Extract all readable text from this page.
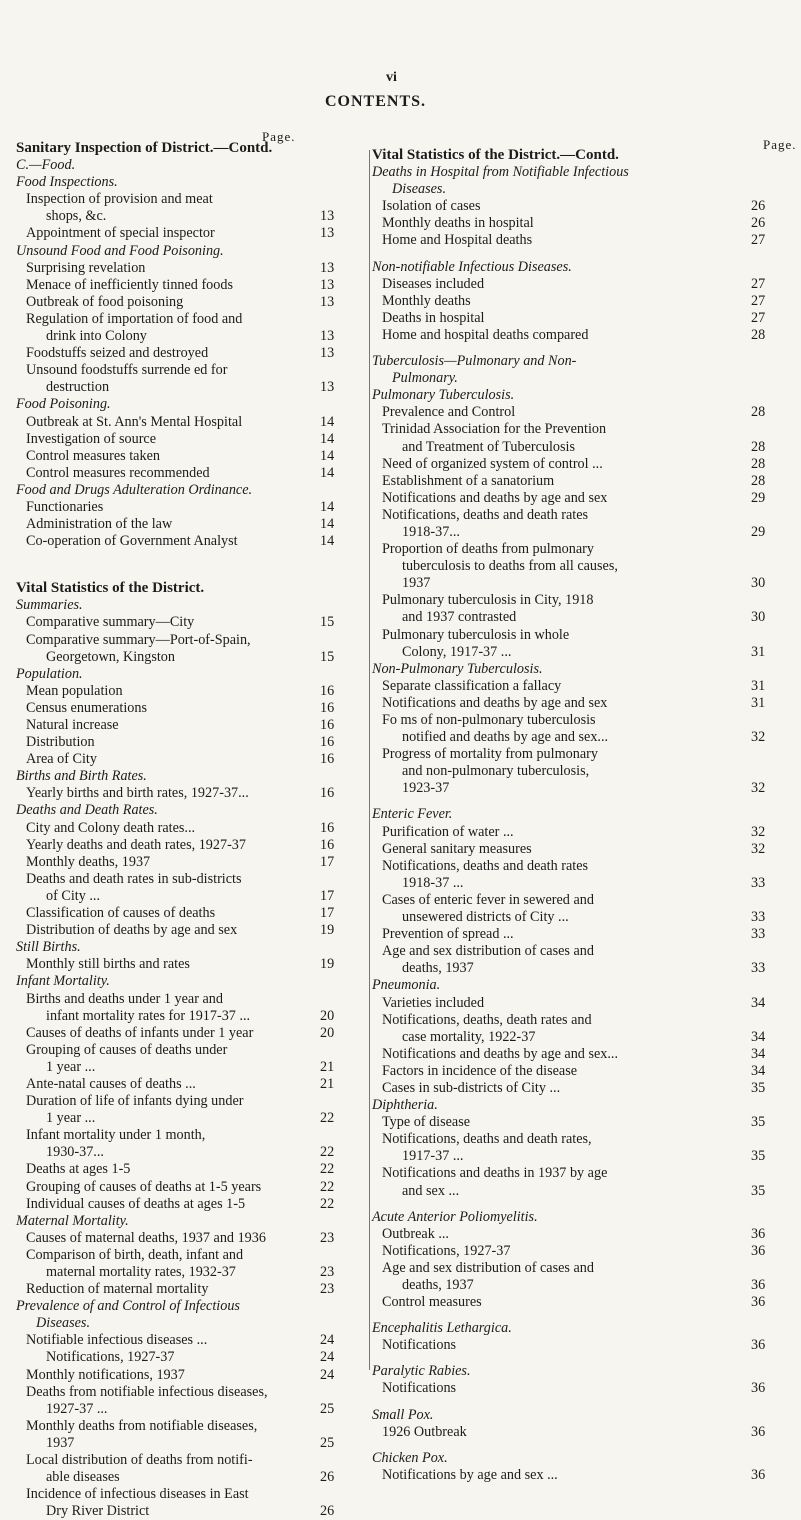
vi
CONTENTS.
Page.
Page.
Sanitary Inspection of District.—Contd.
C.—Food.
Food Inspections.
Inspection of provision and meat
shops, &c.	13
Appointment of special inspector	13
Unsound Food and Food Poisoning.
Surprising revelation	13
Menace of inefficiently tinned foods	13
Outbreak of food poisoning	13
Regulation of importation of food and
drink into Colony	13
Foodstuffs seized and destroyed	13
Unsound foodstuffs surrende ed for
destruction	13
Food Poisoning.
Outbreak at St. Ann's Mental Hospital	14
Investigation of source	14
Control measures taken	14
Control measures recommended	14
Food and Drugs Adulteration Ordinance.
Functionaries	14
Administration of the law	14
Co-operation of Government Analyst	14
Vital Statistics of the District.
Summaries.
Comparative summary—City	15
Comparative summary—Port-of-Spain,
Georgetown, Kingston	15
Population.
Mean population	16
Census enumerations	16
Natural increase	16
Distribution	16
Area of City	16
Births and Birth Rates.
Yearly births and birth rates, 1927-37...	16
Deaths and Death Rates.
City and Colony death rates...	16
Yearly deaths and death rates, 1927-37	16
Monthly deaths, 1937	17
Deaths and death rates in sub-districts
of City ...	17
Classification of causes of deaths	17
Distribution of deaths by age and sex	19
Still Births.
Monthly still births and rates	19
Infant Mortality.
Births and deaths under 1 year and
infant mortality rates for 1917-37 ...	20
Causes of deaths of infants under 1 year	20
Grouping of causes of deaths under
1 year ...	21
Ante-natal causes of deaths ...	21
Duration of life of infants dying under
1 year ...	22
Infant mortality under 1 month,
1930-37...	22
Deaths at ages 1-5	22
Grouping of causes of deaths at 1-5 years	22
Individual causes of deaths at ages 1-5	22
Maternal Mortality.
Causes of maternal deaths, 1937 and 1936	23
Comparison of birth, death, infant and
maternal mortality rates, 1932-37	23
Reduction of maternal mortality	23
Prevalence of and Control of Infectious
Diseases.
Notifiable infectious diseases ...	24
Notifications, 1927-37	24
Monthly notifications, 1937	24
Deaths from notifiable infectious diseases,
1927-37 ...	25
Monthly deaths from notifiable diseases,
1937	25
Local distribution of deaths from notifi-
able diseases	26
Incidence of infectious diseases in East
Dry River District	26
Vital Statistics of the District.—Contd.
Deaths in Hospital from Notifiable Infectious
Diseases.
Isolation of cases	26
Monthly deaths in hospital	26
Home and Hospital deaths	27
Non-notifiable Infectious Diseases.
Diseases included	27
Monthly deaths	27
Deaths in hospital	27
Home and hospital deaths compared	28
Tuberculosis—Pulmonary and Non-
Pulmonary.
Pulmonary Tuberculosis.
Prevalence and Control	28
Trinidad Association for the Prevention
and Treatment of Tuberculosis	28
Need of organized system of control ...	28
Establishment of a sanatorium	28
Notifications and deaths by age and sex	29
Notifications, deaths and death rates
1918-37...	29
Proportion of deaths from pulmonary
tuberculosis to deaths from all causes,
1937	30
Pulmonary tuberculosis in City, 1918
and 1937 contrasted	30
Pulmonary tuberculosis in whole
Colony, 1917-37 ...	31
Non-Pulmonary Tuberculosis.
Separate classification a fallacy	31
Notifications and deaths by age and sex	31
Fo ms of non-pulmonary tuberculosis
notified and deaths by age and sex...	32
Progress of mortality from pulmonary
and non-pulmonary tuberculosis,
1923-37	32
Enteric Fever.
Purification of water ...	32
General sanitary measures	32
Notifications, deaths and death rates
1918-37 ...	33
Cases of enteric fever in sewered and
unsewered districts of City ...	33
Prevention of spread ...	33
Age and sex distribution of cases and
deaths, 1937	33
Pneumonia.
Varieties included	34
Notifications, deaths, death rates and
case mortality, 1922-37	34
Notifications and deaths by age and sex...	34
Factors in incidence of the disease	34
Cases in sub-districts of City ...	35
Diphtheria.
Type of disease	35
Notifications, deaths and death rates,
1917-37 ...	35
Notifications and deaths in 1937 by age
and sex ...	35
Acute Anterior Poliomyelitis.
Outbreak ...	36
Notifications, 1927-37	36
Age and sex distribution of cases and
deaths, 1937	36
Control measures	36
Encephalitis Lethargica.
Notifications	36
Paralytic Rabies.
Notifications	36
Small Pox.
1926 Outbreak	36
Chicken Pox.
Notifications by age and sex ...	36
